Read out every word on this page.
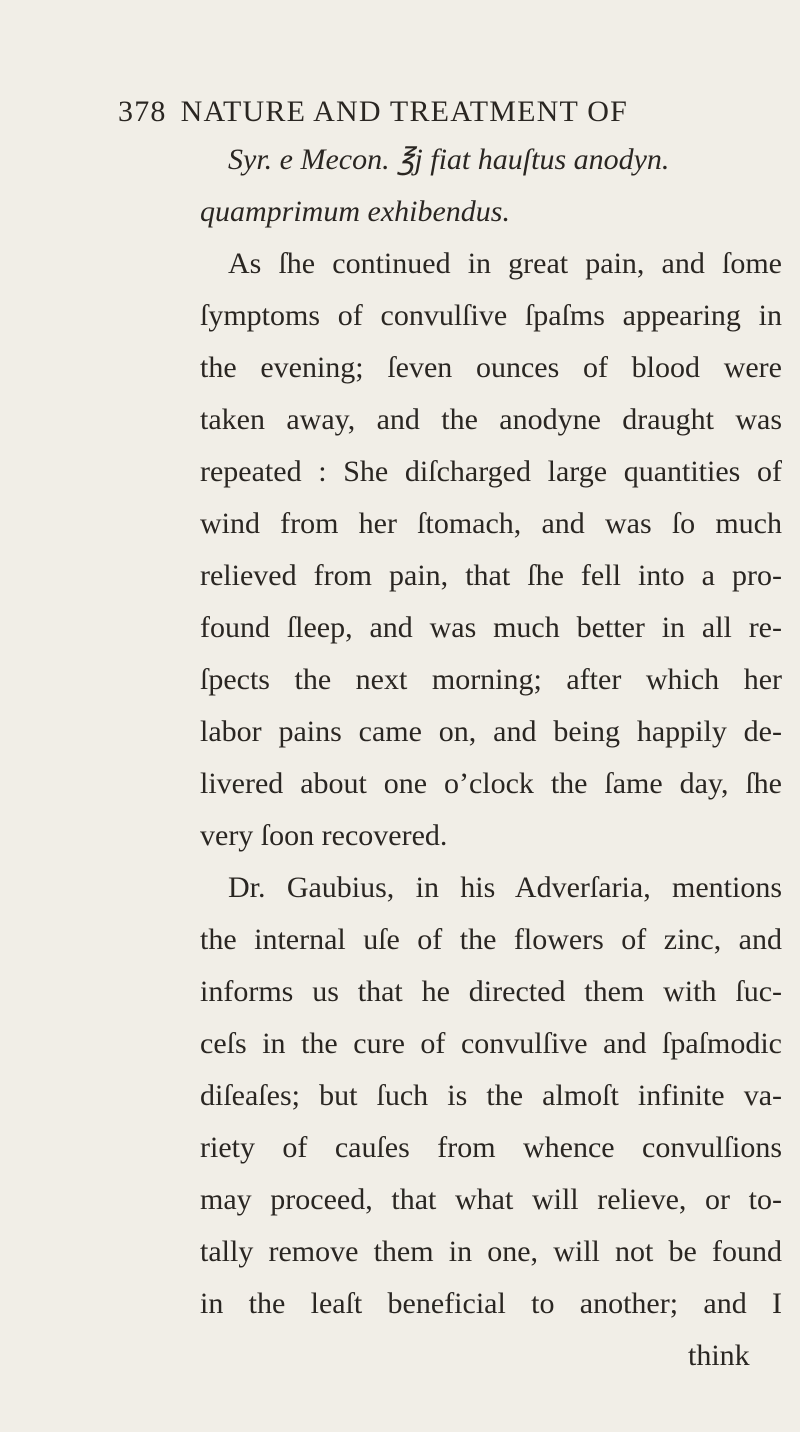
378 NATURE AND TREATMENT OF
Syr. e Mecon. ℥j fiat hauſtus anodyn.
quamprimum exhibendus.
As ſhe continued in great pain, and ſome
ſymptoms of convulſive ſpaſms appearing in
the evening; ſeven ounces of blood were
taken away, and the anodyne draught was
repeated : She diſcharged large quantities of
wind from her ſtomach, and was ſo much
relieved from pain, that ſhe fell into a pro-
found ſleep, and was much better in all re-
ſpects the next morning; after which her
labor pains came on, and being happily de-
livered about one o’clock the ſame day, ſhe
very ſoon recovered.
Dr. Gaubius, in his Adverſaria, mentions
the internal uſe of the flowers of zinc, and
informs us that he directed them with ſuc-
ceſs in the cure of convulſive and ſpaſmodic
diſeaſes; but ſuch is the almoſt infinite va-
riety of cauſes from whence convulſions
may proceed, that what will relieve, or to-
tally remove them in one, will not be found
in the leaſt beneficial to another; and I
think
